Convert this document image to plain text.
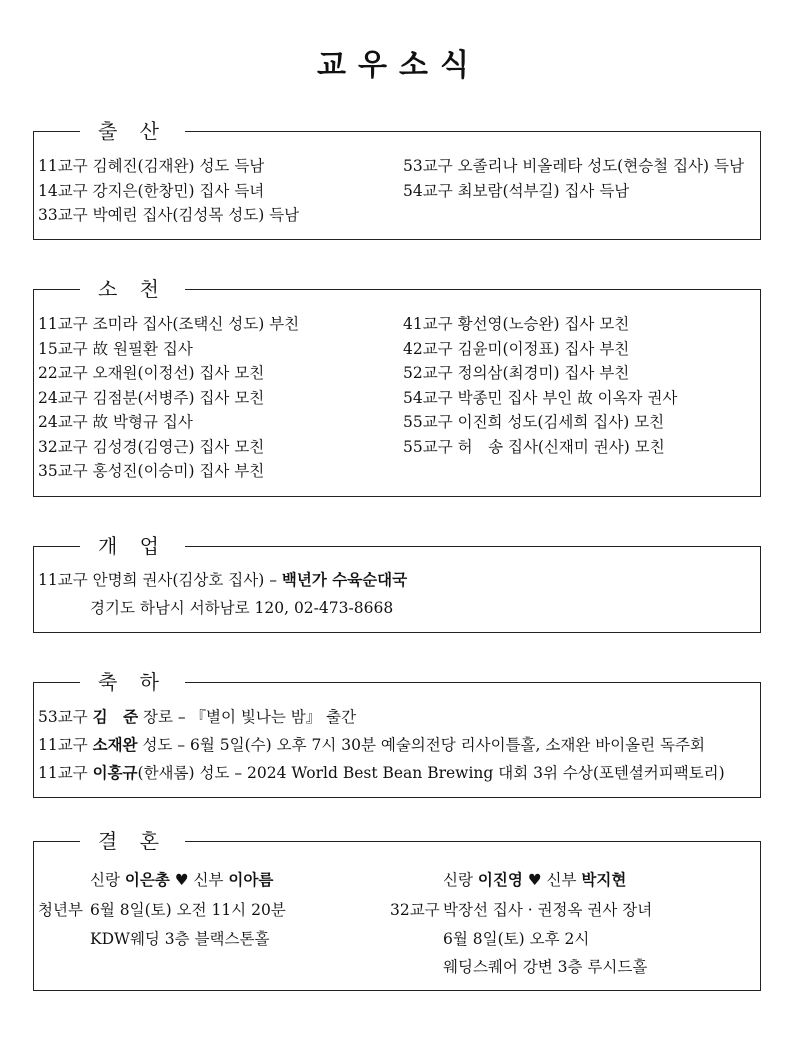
교우소식
출 산
11교구 김혜진(김재완) 성도 득남
14교구 강지은(한창민) 집사 득녀
33교구 박예린 집사(김성목 성도) 득남
53교구 오졸리나 비올레타 성도(현승철 집사) 득남
54교구 최보람(석부길) 집사 득남
소 천
11교구 조미라 집사(조택신 성도) 부친
15교구 故 원필환 집사
22교구 오재원(이정선) 집사 모친
24교구 김점분(서병주) 집사 모친
24교구 故 박형규 집사
32교구 김성경(김영근) 집사 모친
35교구 홍성진(이승미) 집사 부친
41교구 황선영(노승완) 집사 모친
42교구 김윤미(이정표) 집사 부친
52교구 정의삼(최경미) 집사 부친
54교구 박종민 집사 부인 故 이옥자 권사
55교구 이진희 성도(김세희 집사) 모친
55교구 허　송 집사(신재미 권사) 모친
개 업
11교구 안명희 권사(김상호 집사) – 백년가 수육순대국
경기도 하남시 서하남로 120, 02-473-8668
축 하
53교구 김　준 장로 – 『별이 빛나는 밤』 출간
11교구 소재완 성도 – 6월 5일(수) 오후 7시 30분 예술의전당 리사이틀홀, 소재완 바이올린 독주회
11교구 이홍규(한새롬) 성도 – 2024 World Best Bean Brewing 대회 3위 수상(포텐셜커피팩토리)
결 혼
신랑 이은총 ♥ 신부 이아름
청년부 6월 8일(토) 오전 11시 20분
KDW웨딩 3층 블랙스톤홀
신랑 이진영 ♥ 신부 박지현
32교구 박장선 집사 · 권정옥 권사 장녀
6월 8일(토) 오후 2시
웨딩스퀘어 강변 3층 루시드홀
